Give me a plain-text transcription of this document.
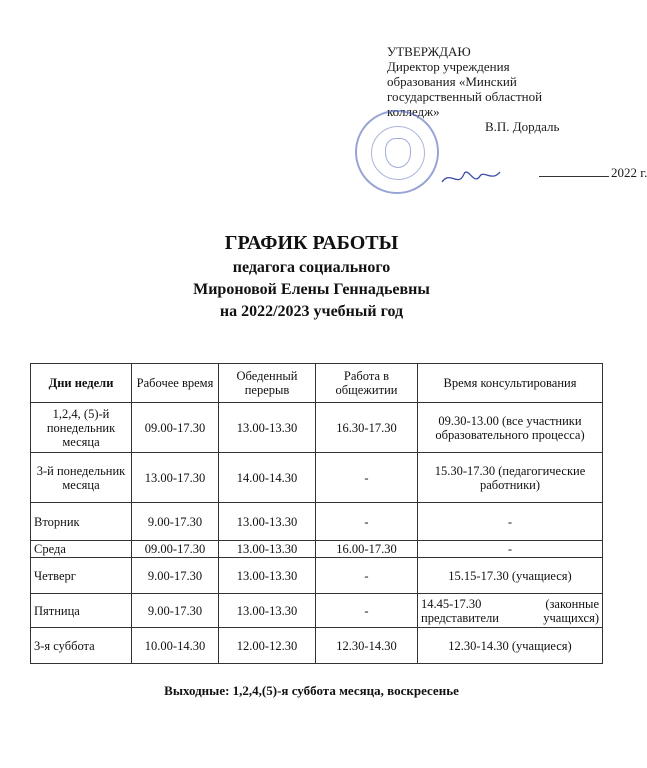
УТВЕРЖДАЮ
Директор учреждения
образования «Минский
государственный областной
колледж»
В.П. Дордаль
2022 г.
ГРАФИК РАБОТЫ
педагога социального
Мироновой Елены Геннадьевны
на 2022/2023 учебный год
Дни недели	Рабочее время	Обеденный перерыв	Работа в общежитии	Время консультирования
1,2,4, (5)-й понедельник месяца	09.00-17.30	13.00-13.30	16.30-17.30	09.30-13.00 (все участники образовательного процесса)
3-й понедельник месяца	13.00-17.30	14.00-14.30	-	15.30-17.30 (педагогические работники)
Вторник	9.00-17.30	13.00-13.30	-	-
Среда	09.00-17.30	13.00-13.30	16.00-17.30	-
Четверг	9.00-17.30	13.00-13.30	-	15.15-17.30 (учащиеся)
Пятница	9.00-17.30	13.00-13.30	-	14.45-17.30 (законные представители учащихся)
3-я суббота	10.00-14.30	12.00-12.30	12.30-14.30	12.30-14.30 (учащиеся)
Выходные: 1,2,4,(5)-я суббота месяца, воскресенье
